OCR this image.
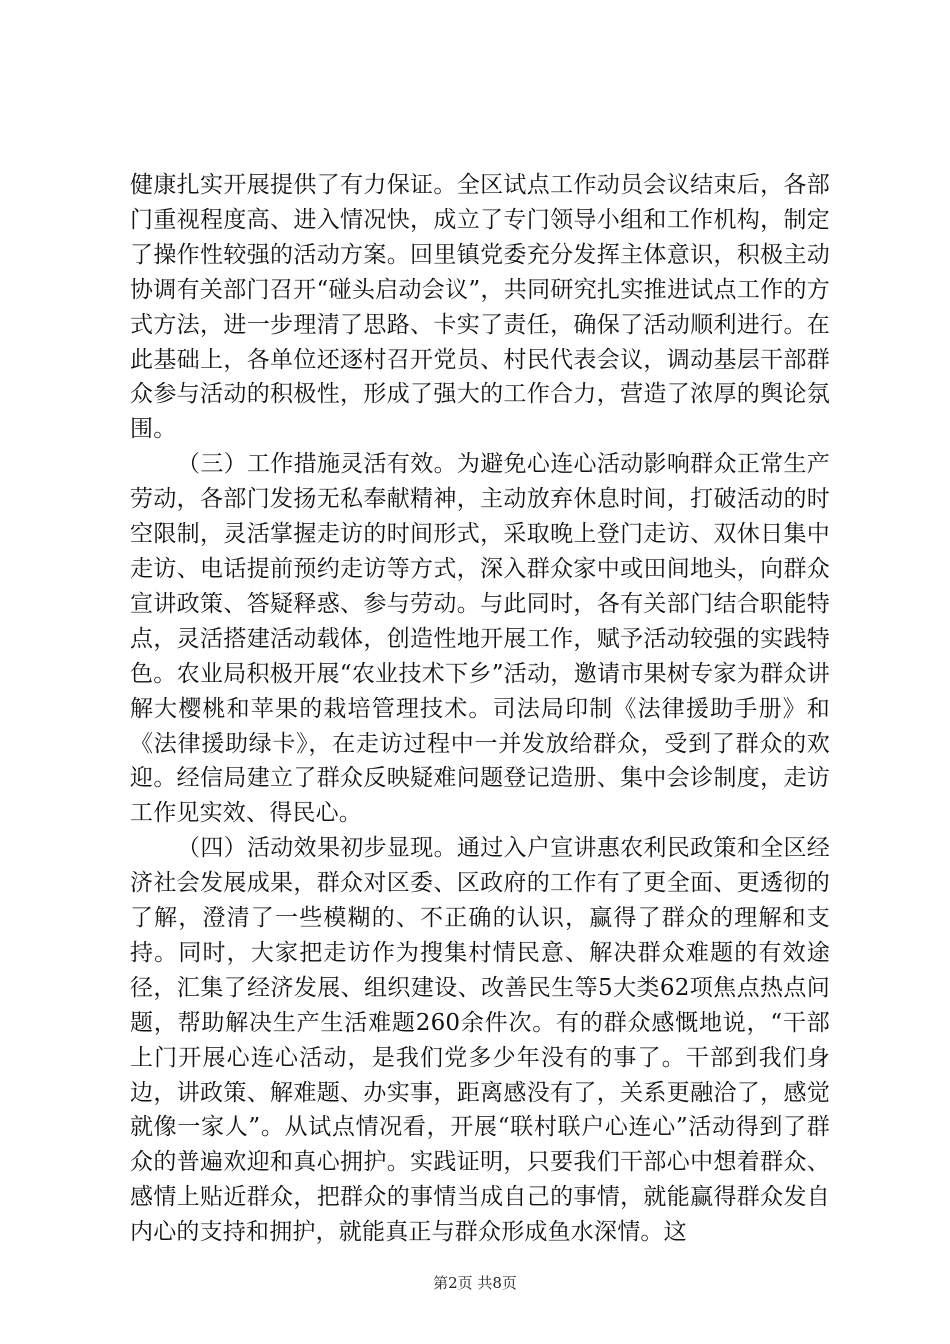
健康扎实开展提供了有力保证。全区试点工作动员会议结束后，各部门重视程度高、进入情况快，成立了专门领导小组和工作机构，制定了操作性较强的活动方案。回里镇党委充分发挥主体意识，积极主动协调有关部门召开“碰头启动会议”，共同研究扎实推进试点工作的方式方法，进一步理清了思路、卡实了责任，确保了活动顺利进行。在此基础上，各单位还逐村召开党员、村民代表会议，调动基层干部群众参与活动的积极性，形成了强大的工作合力，营造了浓厚的舆论氛围。

（三）工作措施灵活有效。为避免心连心活动影响群众正常生产劳动，各部门发扬无私奉献精神，主动放弃休息时间，打破活动的时空限制，灵活掌握走访的时间形式，采取晚上登门走访、双休日集中走访、电话提前预约走访等方式，深入群众家中或田间地头，向群众宣讲政策、答疑释惑、参与劳动。与此同时，各有关部门结合职能特点，灵活搭建活动载体，创造性地开展工作，赋予活动较强的实践特色。农业局积极开展“农业技术下乡”活动，邀请市果树专家为群众讲解大樱桃和苹果的栽培管理技术。司法局印制《法律援助手册》和《法律援助绿卡》，在走访过程中一并发放给群众，受到了群众的欢迎。经信局建立了群众反映疑难问题登记造册、集中会诊制度，走访工作见实效、得民心。

（四）活动效果初步显现。通过入户宣讲惠农利民政策和全区经济社会发展成果，群众对区委、区政府的工作有了更全面、更透彻的了解，澄清了一些模糊的、不正确的认识，赢得了群众的理解和支持。同时，大家把走访作为搜集村情民意、解决群众难题的有效途径，汇集了经济发展、组织建设、改善民生等5大类62项焦点热点问题，帮助解决生产生活难题260余件次。有的群众感慨地说，“干部上门开展心连心活动，是我们党多少年没有的事了。干部到我们身边，讲政策、解难题、办实事，距离感没有了，关系更融洽了，感觉就像一家人”。从试点情况看，开展“联村联户心连心”活动得到了群众的普遍欢迎和真心拥护。实践证明，只要我们干部心中想着群众、感情上贴近群众，把群众的事情当成自己的事情，就能赢得群众发自内心的支持和拥护，就能真正与群众形成鱼水深情。这

第2页 共8页
